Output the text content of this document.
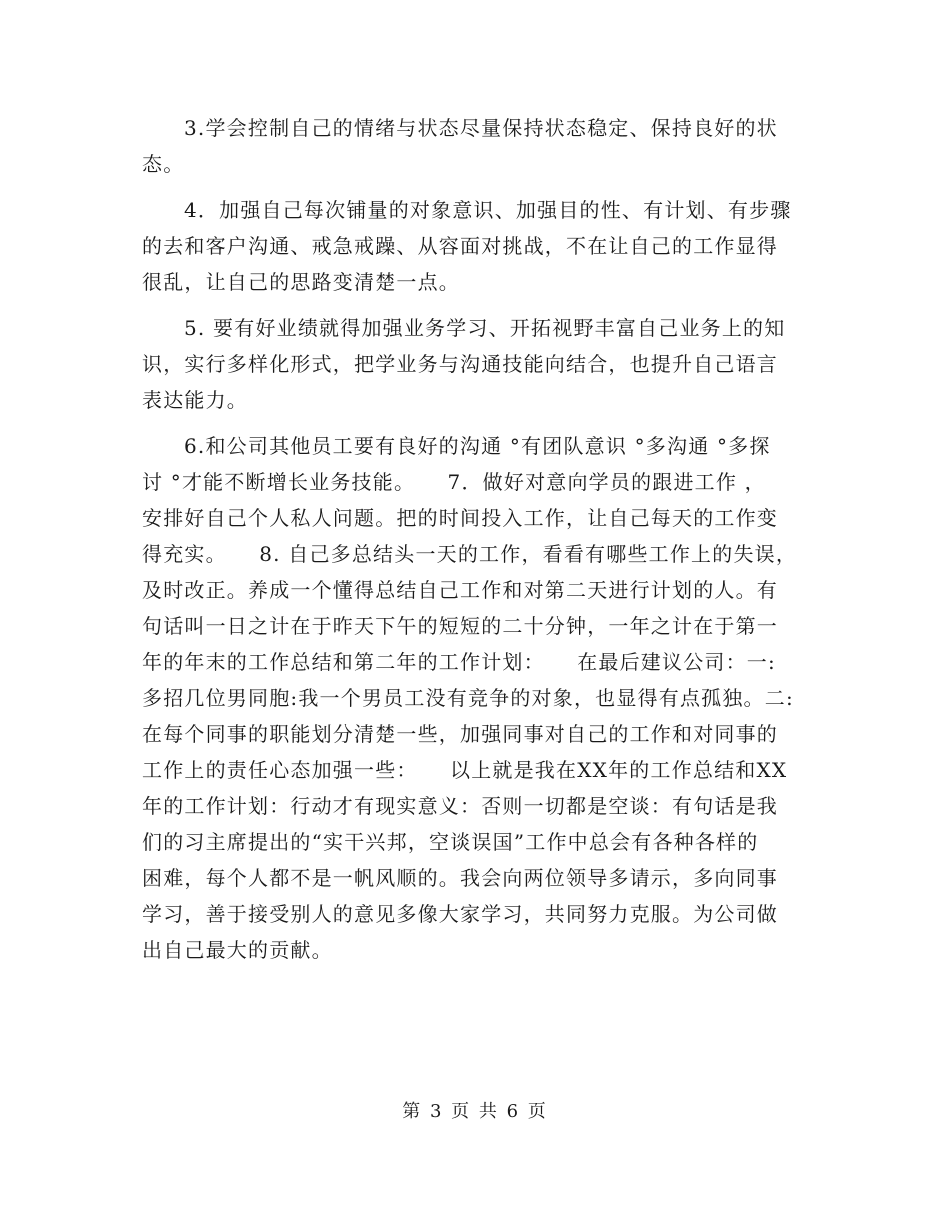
3.学会控制自己的情绪与状态尽量保持状态稳定、保持良好的状
态。
4．加强自己每次铺量的对象意识、加强目的性、有计划、有步骤
的去和客户沟通、戒急戒躁、从容面对挑战，不在让自己的工作显得
很乱，让自己的思路变清楚一点。
5. 要有好业绩就得加强业务学习、开拓视野丰富自己业务上的知
识，实行多样化形式，把学业务与沟通技能向结合，也提升自己语言
表达能力。
6.和公司其他员工要有良好的沟通 °有团队意识 °多沟通 °多探
讨 °才能不断增长业务技能。　　7．做好对意向学员的跟进工作 ，
安排好自己个人私人问题。把的时间投入工作，让自己每天的工作变
得充实。　　8. 自己多总结头一天的工作，看看有哪些工作上的失误，
及时改正。养成一个懂得总结自己工作和对第二天进行计划的人。有
句话叫一日之计在于昨天下午的短短的二十分钟，一年之计在于第一
年的年末的工作总结和第二年的工作计划：　　在最后建议公司：一:
多招几位男同胞:我一个男员工没有竞争的对象，也显得有点孤独。二:
在每个同事的职能划分清楚一些，加强同事对自己的工作和对同事的
工作上的责任心态加强一些：　　以上就是我在XX年的工作总结和XX
年的工作计划：行动才有现实意义：否则一切都是空谈：有句话是我
们的习主席提出的“实干兴邦，空谈误国”工作中总会有各种各样的
困难，每个人都不是一帆风顺的。我会向两位领导多请示，多向同事
学习，善于接受别人的意见多像大家学习，共同努力克服。为公司做
出自己最大的贡献。
第 3 页 共 6 页
